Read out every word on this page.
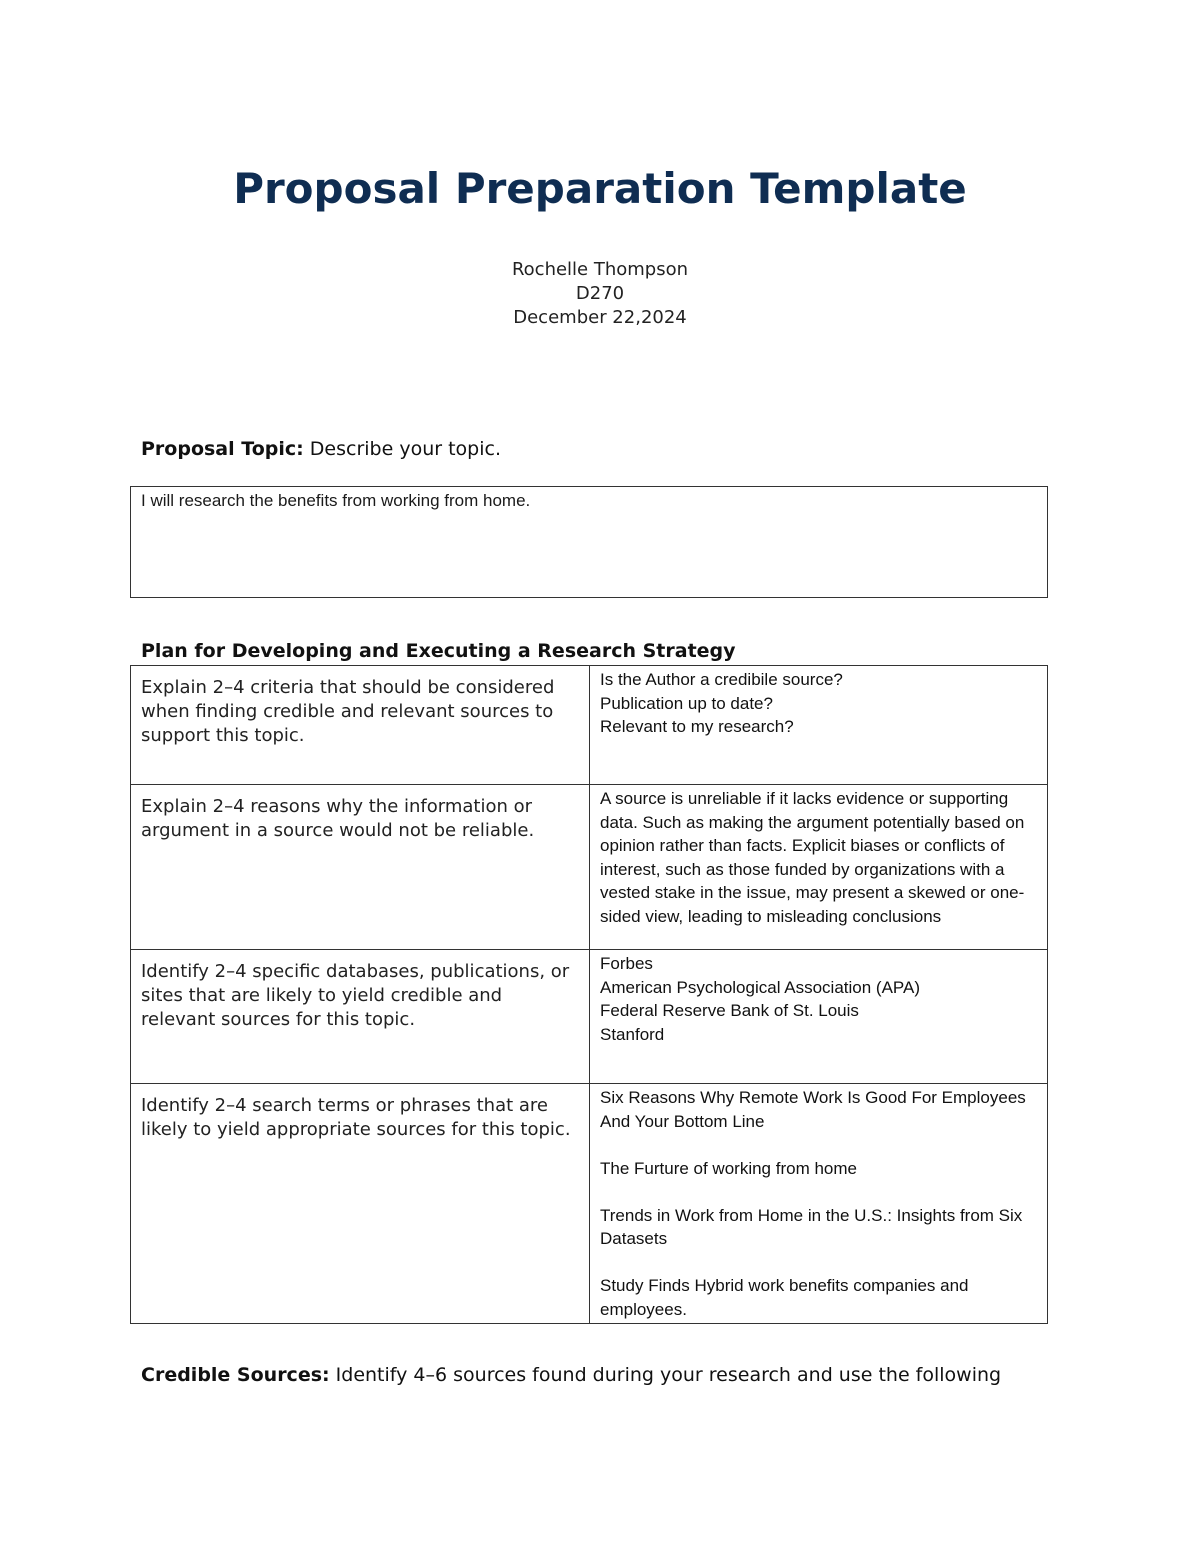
Proposal Preparation Template
Rochelle Thompson
D270
December 22,2024
Proposal Topic: Describe your topic.
I will research the benefits from working from home.
Plan for Developing and Executing a Research Strategy
Explain 2–4 criteria that should be considered when finding credible and relevant sources to support this topic.	Is the Author a credibile source?
Publication up to date?
Relevant to my research?

Explain 2–4 reasons why the information or argument in a source would not be reliable.	A source is unreliable if it lacks evidence or supporting data. Such as making the argument potentially based on opinion rather than facts. Explicit biases or conflicts of interest, such as those funded by organizations with a vested stake in the issue, may present a skewed or one-sided view, leading to misleading conclusions

Identify 2–4 specific databases, publications, or sites that are likely to yield credible and relevant sources for this topic.	Forbes
American Psychological Association (APA)
Federal Reserve Bank of St. Louis
Stanford

Identify 2–4 search terms or phrases that are likely to yield appropriate sources for this topic.	Six Reasons Why Remote Work Is Good For Employees And Your Bottom Line
The Furture of working from home
Trends in Work from Home in the U.S.: Insights from Six Datasets
Study Finds Hybrid work benefits companies and employees.
Credible Sources: Identify 4–6 sources found during your research and use the following
